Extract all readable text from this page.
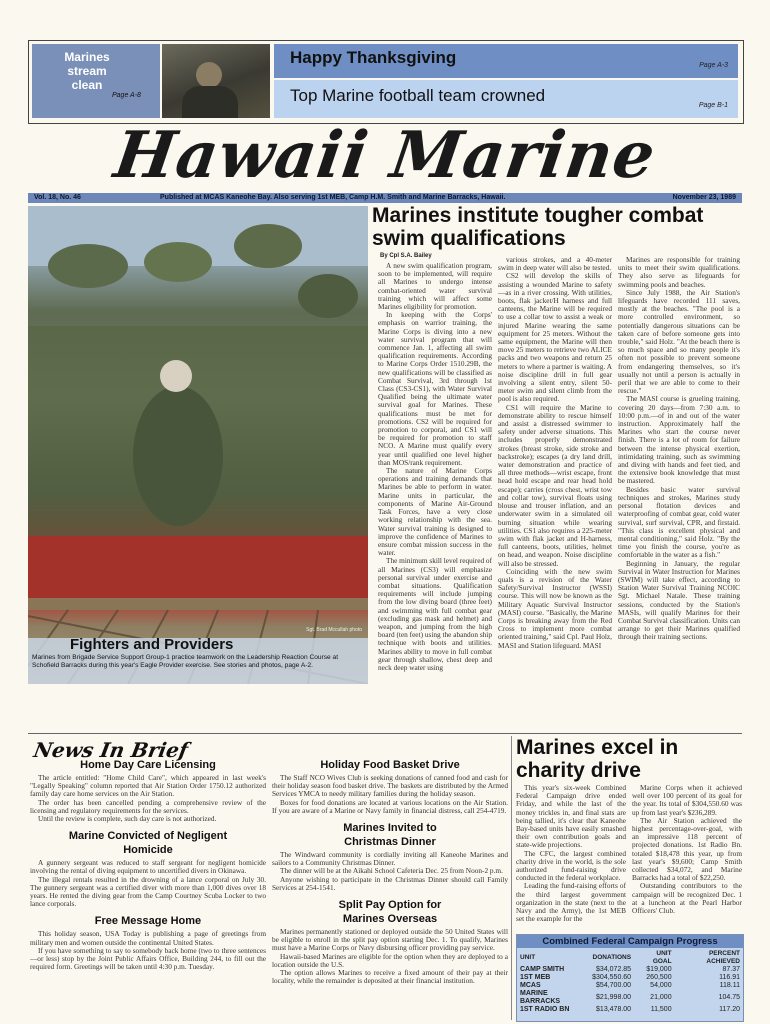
Marines
stream
clean
Page A-8
Happy Thanksgiving	Page A-3
Top Marine football team crowned
Page B-1
Hawaii Marine
Vol. 18, No. 46	Published at MCAS Kaneohe Bay. Also serving 1st MEB, Camp H.M. Smith and Marine Barracks, Hawaii.	November 23, 1989
Sgt. Brad Mccullah photo
Fighters and Providers
Marines from Brigade Service Support Group-1 practice teamwork on the Leadership Reaction Course at Schofield Barracks during this year's Eagle Provider exercise. See stories and photos, page A-2.
Marines institute tougher combat swim qualifications
By Cpl S.A. Bailey

A new swim qualification program, soon to be implemented, will require all Marines to undergo intense combat-oriented water survival training which will affect some Marines eligibility for promotion.

In keeping with the Corps' emphasis on warrior training, the Marine Corps is diving into a new water survival program that will commence Jan. 1, affecting all swim qualification requirements. According to Marine Corps Order 1510.29B, the new qualifications will be classified as Combat Survival, 3rd through 1st Class (CS3-CS1), with Water Survival Qualified being the ultimate water survival goal for Marines. These qualifications must be met for promotions. CS2 will be required for promotion to corporal, and CS1 will be required for promotion to staff NCO. A Marine must qualify every year until qualified one level higher than MOS/rank requirement.

The nature of Marine Corps operations and training demands that Marines be able to perform in water. Marine units in particular, the components of Marine Air-Ground Task Forces, have a very close working relationship with the sea. Water survival training is designed to improve the confidence of Marines to ensure combat mission success in the water.

The minimum skill level required of all Marines (CS3) will emphasize personal survival under exercise and combat situations. Qualification requirements will include jumping from the low diving board (three feet) and swimming with full combat gear (excluding gas mask and helmet) and weapon, and jumping from the high board (ten feet) using the abandon ship technique with boots and utilities. Marines ability to move in full combat gear through shallow, chest deep and neck deep water using

various strokes, and a 40-meter swim in deep water will also be tested.

CS2 will develop the skills of assisting a wounded Marine to safety—as in a river crossing. With utilities, boots, flak jacket/H harness and full canteens, the Marine will be required to use a collar tow to assist a weak or injured Marine wearing the same equipment for 25 meters. Without the same equipment, the Marine will then move 25 meters to retrieve two ALICE packs and two weapons and return 25 meters to where a partner is waiting. A noise discipline drill in full gear involving a silent entry, silent 50-meter swim and silent climb from the pool is also required.

CS1 will require the Marine to demonstrate ability to rescue himself and assist a distressed swimmer to safety under adverse situations. This includes properly demonstrated strokes (breast stroke, side stroke and backstroke); escapes (a dry land drill, water demonstration and practice of all three methods—wrist escape, front head hold escape and rear head hold escape); carries (cross chest, wrist tow and collar tow), survival floats using blouse and trouser inflation, and an underwater swim in a simulated oil burning situation while wearing utilities. CS1 also requires a 225-meter swim with flak jacket and H-harness, full canteens, boots, utilities, helmet on head, and weapon. Noise discipline will also be stressed.

Coinciding with the new swim quals is a revision of the Water Safety/Survival Instructor (WSSI) course. This will now be known as the Military Aquatic Survival Instructor (MASI) course. "Basically, the Marine Corps is breaking away from the Red Cross to implement more combat oriented training," said Cpl. Paul Holz, MASI and Station lifeguard. MASI

Marines are responsible for training units to meet their swim qualifications. They also serve as lifeguards for swimming pools and beaches.

Since July 1988, the Air Station's lifeguards have recorded 111 saves, mostly at the beaches. "The pool is a more controlled environment, so potentially dangerous situations can be taken care of before someone gets into trouble," said Holz. "At the beach there is so much space and so many people it's often not possible to prevent someone from endangering themselves, so it's usually not until a person is actually in peril that we are able to come to their rescue."

The MASI course is grueling training, covering 20 days—from 7:30 a.m. to 10:00 p.m.—of in and out of the water instruction. Approximately half the Marines who start the course never finish. There is a lot of room for failure between the intense physical exertion, intimidating training, such as swimming and diving with hands and feet tied, and the extensive book knowledge that must be mastered.

Besides basic water survival techniques and strokes, Marines study personal flotation devices and waterproofing of combat gear, cold water survival, surf survival, CPR, and firstaid. "This class is excellent physical and mental conditioning," said Holz. "By the time you finish the course, you're as comfortable in the water as a fish."

Beginning in January, the regular Survival in Water Instruction for Marines (SWIM) will take effect, according to Station Water Survival Training NCOIC Sgt. Michael Natale. These training sessions, conducted by the Station's MASIs, will qualify Marines for their Combat Survival classification. Units can arrange to get their Marines qualified through their training sections.

News In Brief
Home Day Care Licensing

The article entitled: "Home Child Care", which appeared in last week's "Legally Speaking" column reported that Air Station Order 1750.12 authorized family day care home services on the Air Station.

The order has been cancelled pending a comprehensive review of the licensing and regulatory requirements for the services.

Until the review is complete, such day care is not authorized.

Marine Convicted of Negligent Homicide

A gunnery sergeant was reduced to staff sergeant for negligent homicide involving the rental of diving equipment to uncertified divers in Okinawa.

The illegal rentals resulted in the drowning of a lance corporal on July 30. The gunnery sergeant was a certified diver with more than 1,000 dives over 18 years. He rented the diving gear from the Camp Courtney Scuba Locker to two lance corporals.

Free Message Home

This holiday season, USA Today is publishing a page of greetings from military men and women outside the continental United States.

If you have something to say to somebody back home (two to three sentences—or less) stop by the Joint Public Affairs Office, Building 244, to fill out the required form. Greetings will be taken until 4:30 p.m. Tuesday.

Holiday Food Basket Drive

The Staff NCO Wives Club is seeking donations of canned food and cash for their holiday season food basket drive. The baskets are distributed by the Armed Services YMCA to needy military families during the holiday season.

Boxes for food donations are located at various locations on the Air Station. If you are aware of a Marine or Navy family in financial distress, call 254-4719.

Marines Invited to Christmas Dinner

The Windward community is cordially inviting all Kaneohe Marines and sailors to a Community Christmas Dinner.

The dinner will be at the Aikahi School Cafeteria Dec. 25 from Noon-2 p.m.

Anyone wishing to participate in the Christmas Dinner should call Family Services at 254-1541.

Split Pay Option for Marines Overseas

Marines permanently stationed or deployed outside the 50 United States will be eligible to enroll in the split pay option starting Dec. 1. To qualify, Marines must have a Marine Corps or Navy disbursing officer providing pay service.

Hawaii-based Marines are eligible for the option when they are deployed to a location outside the U.S.

The option allows Marines to receive a fixed amount of their pay at their locality, while the remainder is deposited at their financial institution.

Marines excel in charity drive

This year's six-week Combined Federal Campaign drive ended Friday, and while the last of the money trickles in, and final stats are being tallied, it's clear that Kaneohe Bay-based units have easily smashed their own contribution goals and state-wide projections.

The CFC, the largest combined charity drive in the world, is the sole authorized fund-raising drive conducted in the federal workplace.

Leading the fund-raising efforts of the third largest government organization in the state (next to the Navy and the Army), the 1st MEB set the example for the

Marine Corps when it achieved well over 100 percent of its goal for the year. Its total of $304,550.60 was up from last year's $236,289.

The Air Station achieved the highest percentage-over-goal, with an impressive 118 percent of projected donations. 1st Radio Bn. totaled $18,478 this year, up from last year's $9,600; Camp Smith collected $34,072, and Marine Barracks had a total of $22,250.

Outstanding contributors to the campaign will be recognized Dec. 1 at a luncheon at the Pearl Harbor Officers' Club.

Combined Federal Campaign Progress
UNIT	DONATIONS	UNIT GOAL	PERCENT ACHIEVED
CAMP SMITH	$34,072.85	$19,000	87.37
1ST MEB	$304,550.60	260,500	116.91
MCAS	$54,700.00	54,000	118.11
MARINE BARRACKS	$21,998.00	21,000	104.75
1ST RADIO BN	$13,478.00	11,500	117.20
